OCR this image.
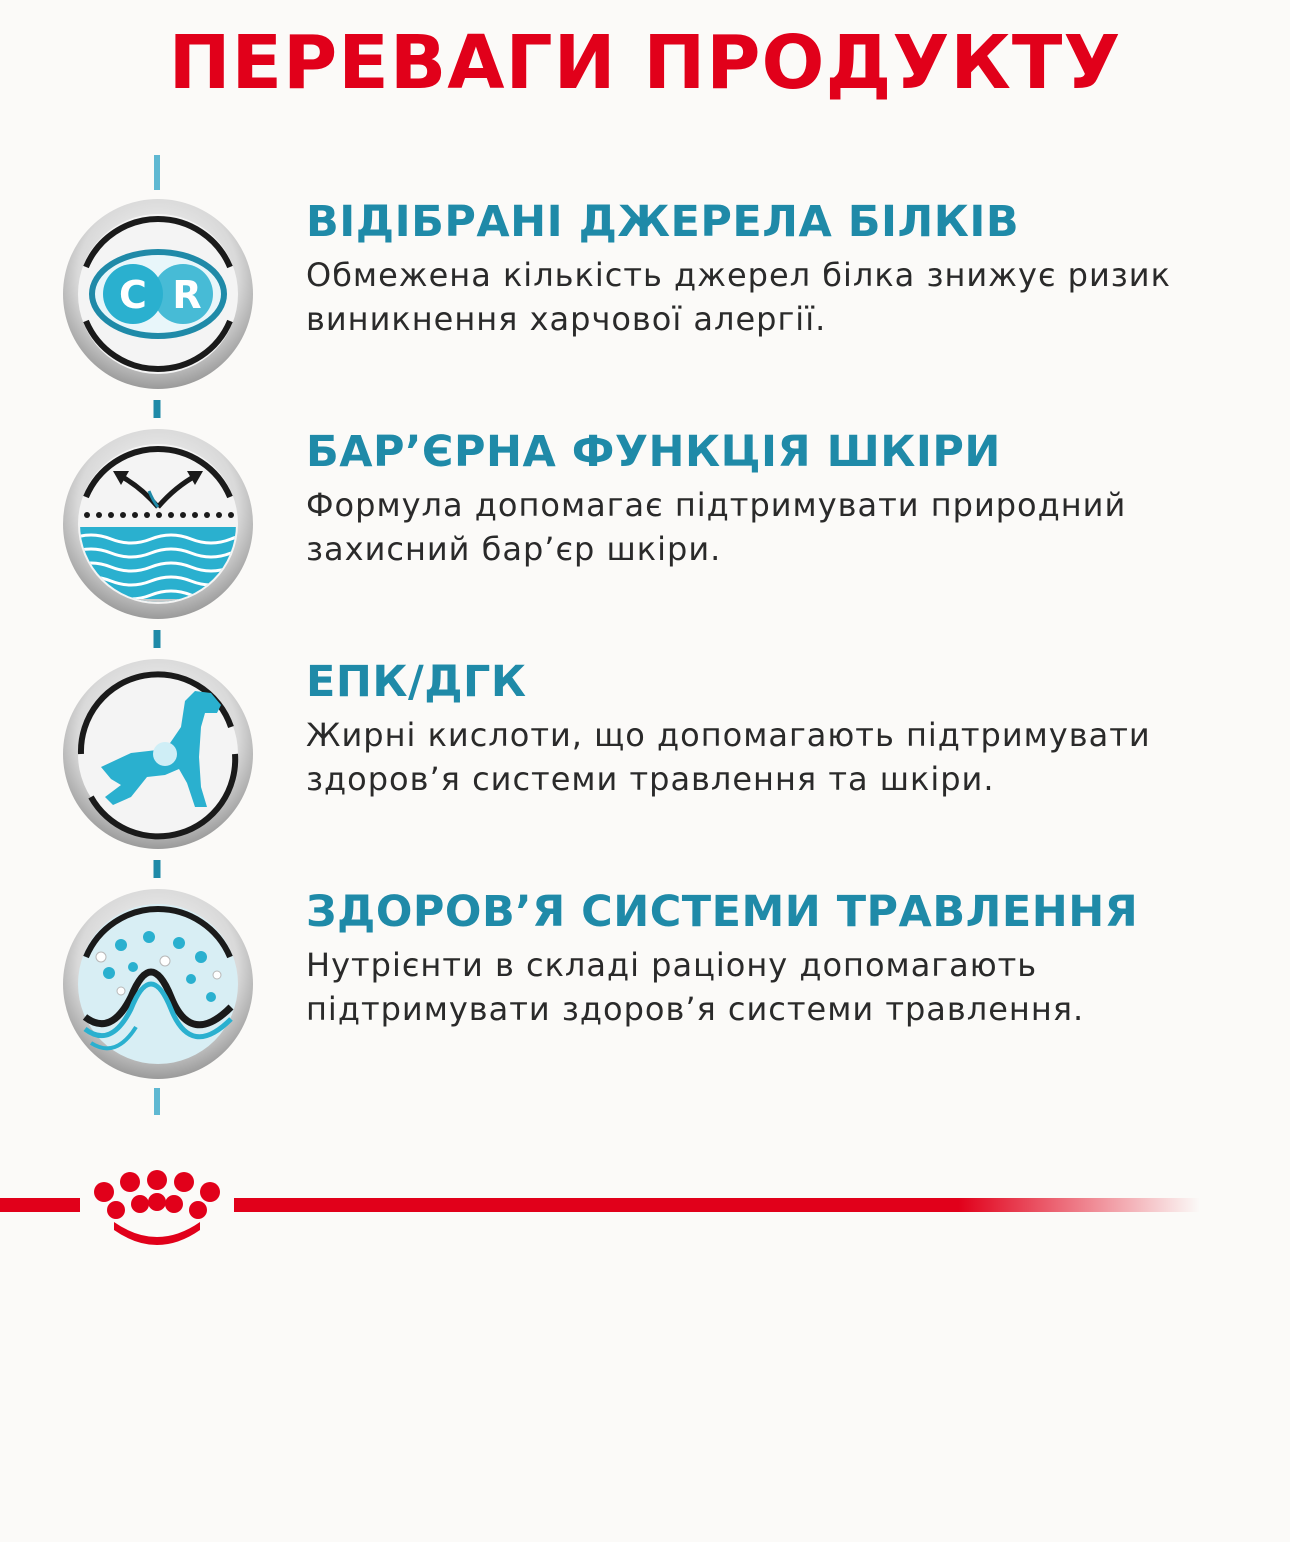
ПЕРЕВАГИ ПРОДУКТУ
C R
ВІДІБРАНІ ДЖЕРЕЛА БІЛКІВ

Обмежена кількість джерел білка знижує ризик
виникнення харчової алергії.

БАР’ЄРНА ФУНКЦІЯ ШКІРИ

Формула допомагає підтримувати природний
захисний бар’єр шкіри.

ЕПК/ДГК

Жирні кислоти, що допомагають підтримувати
здоров’я системи травлення та шкіри.

ЗДОРОВ’Я СИСТЕМИ ТРАВЛЕННЯ

Нутрієнти в складі раціону допомагають
підтримувати здоров’я системи травлення.
